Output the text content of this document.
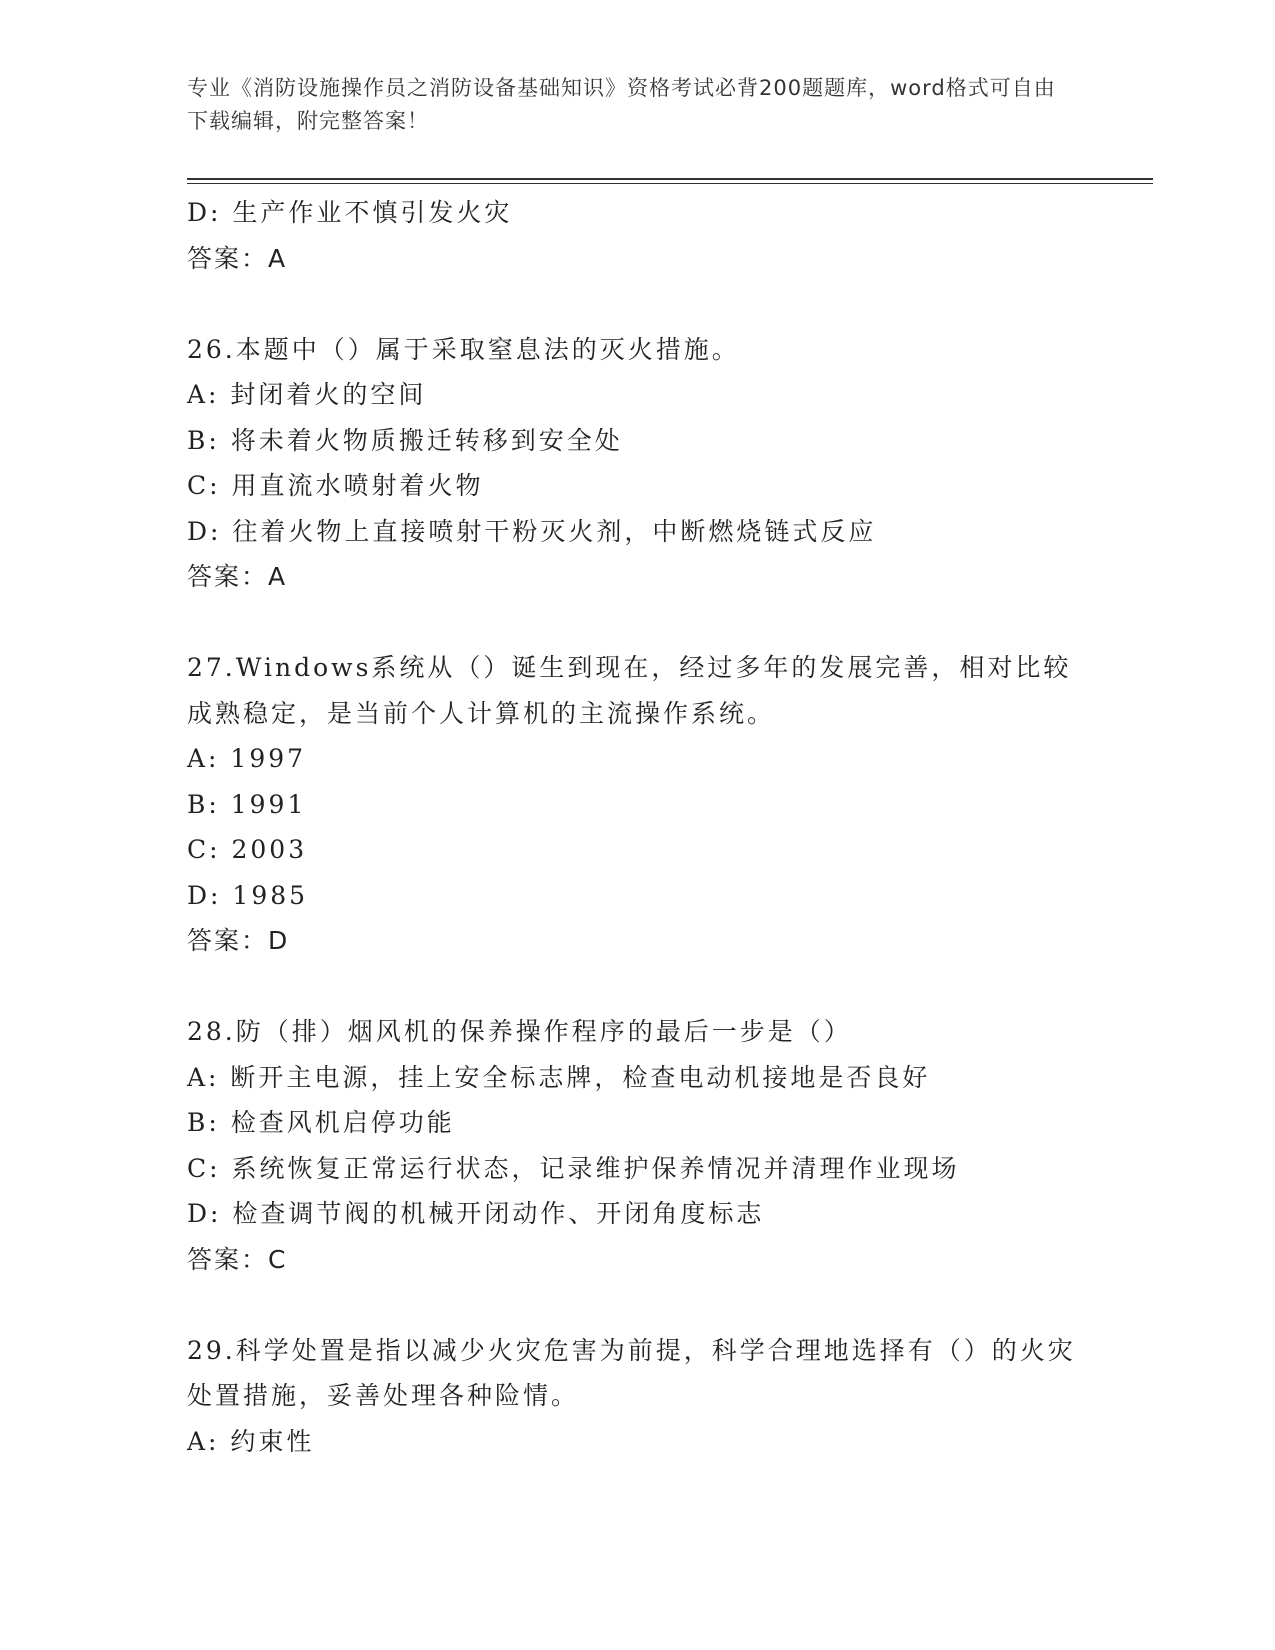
专业《消防设施操作员之消防设备基础知识》资格考试必背200题题库，word格式可自由下载编辑，附完整答案！

D: 生产作业不慎引发火灾

答案：A

26.本题中（）属于采取窒息法的灭火措施。

A: 封闭着火的空间

B: 将未着火物质搬迁转移到安全处

C: 用直流水喷射着火物

D: 往着火物上直接喷射干粉灭火剂，中断燃烧链式反应

答案：A

27.Windows系统从（）诞生到现在，经过多年的发展完善，相对比较成熟稳定，是当前个人计算机的主流操作系统。

A: 1997

B: 1991

C: 2003

D: 1985

答案：D

28.防（排）烟风机的保养操作程序的最后一步是（）

A: 断开主电源，挂上安全标志牌，检查电动机接地是否良好

B: 检查风机启停功能

C: 系统恢复正常运行状态，记录维护保养情况并清理作业现场

D: 检查调节阀的机械开闭动作、开闭角度标志

答案：C

29.科学处置是指以减少火灾危害为前提，科学合理地选择有（）的火灾处置措施，妥善处理各种险情。

A: 约束性
